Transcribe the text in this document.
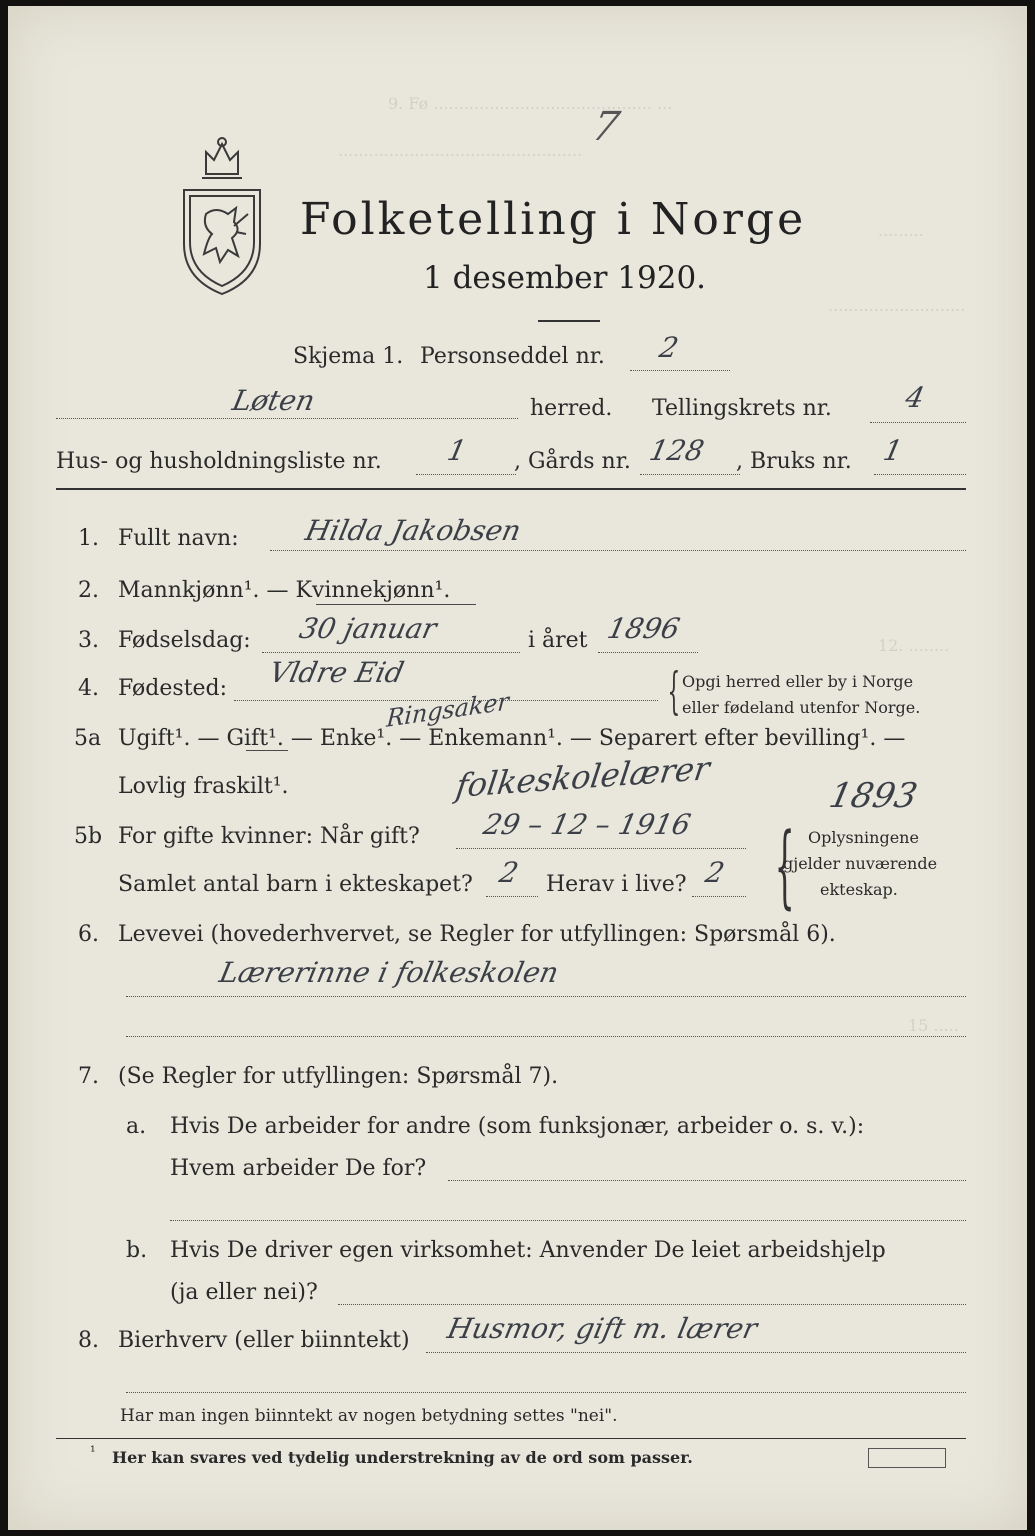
9. Fø ........................................... ...
................................................
.........
...........................
12. ........
15 .....
7
Folketelling i Norge
1 desember 1920.
Skjema 1. Personseddel nr. 2
Løten	herred. Tellingskrets nr.	4
Hus- og husholdningsliste nr. 1 , Gårds nr. 128 , Bruks nr. 1
1. Fullt navn: Hilda Jakobsen
2. Mannkjønn¹. — Kvinnekjønn¹.
3. Fødselsdag: 30 januar	i året 1896
4. Fødested: Vldre Eid	{ Opgi herred eller by i Norge
eller fødeland utenfor Norge.
5a Ugift¹. — Gift¹. — Enke¹. — Enkemann¹. — Separert efter bevilling¹. —
Lovlig fraskilt¹.
Ringsaker
folkeskolelærer	1893
5b For gifte kvinner: Når gift? 29 – 12 – 1916
Samlet antal barn i ekteskapet? 2 Herav i live? 2 { Oplysningene
gjelder nuværende
ekteskap.
6. Levevei (hovederhvervet, se Regler for utfyllingen: Spørsmål 6).
Lærerinne i folkeskolen
7. (Se Regler for utfyllingen: Spørsmål 7).
a. Hvis De arbeider for andre (som funksjonær, arbeider o. s. v.):
Hvem arbeider De for?
b. Hvis De driver egen virksomhet: Anvender De leiet arbeidshjelp
(ja eller nei)?
8. Bierhverv (eller biinntekt) Husmor, gift m. lærer
Har man ingen biinntekt av nogen betydning settes "nei".
¹ Her kan svares ved tydelig understrekning av de ord som passer.
